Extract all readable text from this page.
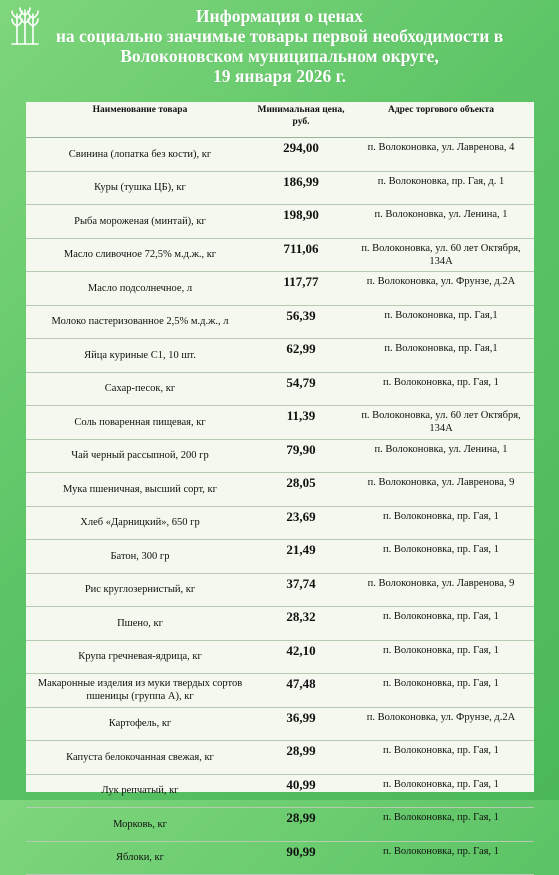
Информация о ценах
на социально значимые товары первой необходимости в
Волоконовском муниципальном округе,
19 января 2026 г.
Наименование товара	Минимальная цена, руб.	Адрес торгового объекта
Свинина (лопатка без кости), кг	294,00	п. Волоконовка, ул. Лавренова, 4
Куры (тушка ЦБ), кг	186,99	п. Волоконовка, пр. Гая, д. 1
Рыба мороженая (минтай), кг	198,90	п. Волоконовка, ул. Ленина, 1
Масло сливочное 72,5% м.д.ж., кг	711,06	п. Волоконовка, ул. 60 лет Октября, 134А
Масло подсолнечное, л	117,77	п. Волоконовка, ул. Фрунзе, д.2А
Молоко пастеризованное 2,5% м.д.ж., л	56,39	п. Волоконовка, пр. Гая,1
Яйца куриные С1, 10 шт.	62,99	п. Волоконовка, пр. Гая,1
Сахар-песок, кг	54,79	п. Волоконовка, пр. Гая, 1
Соль поваренная пищевая, кг	11,39	п. Волоконовка, ул. 60 лет Октября, 134А
Чай черный рассыпной, 200 гр	79,90	п. Волоконовка, ул. Ленина, 1
Мука пшеничная, высший сорт, кг	28,05	п. Волоконовка, ул. Лавренова, 9
Хлеб «Дарницкий», 650 гр	23,69	п. Волоконовка, пр. Гая, 1
Батон, 300 гр	21,49	п. Волоконовка, пр. Гая, 1
Рис круглозернистый, кг	37,74	п. Волоконовка, ул. Лавренова, 9
Пшено, кг	28,32	п. Волоконовка, пр. Гая, 1
Крупа гречневая-ядрица, кг	42,10	п. Волоконовка, пр. Гая, 1
Макаронные изделия из муки твердых сортов пшеницы (группа А), кг	47,48	п. Волоконовка, пр. Гая, 1
Картофель, кг	36,99	п. Волоконовка, ул. Фрунзе, д.2А
Капуста белокочанная свежая, кг	28,99	п. Волоконовка, пр. Гая, 1
Лук репчатый, кг	40,99	п. Волоконовка, пр. Гая, 1
Морковь, кг	28,99	п. Волоконовка, пр. Гая, 1
Яблоки, кг	90,99	п. Волоконовка, пр. Гая, 1
